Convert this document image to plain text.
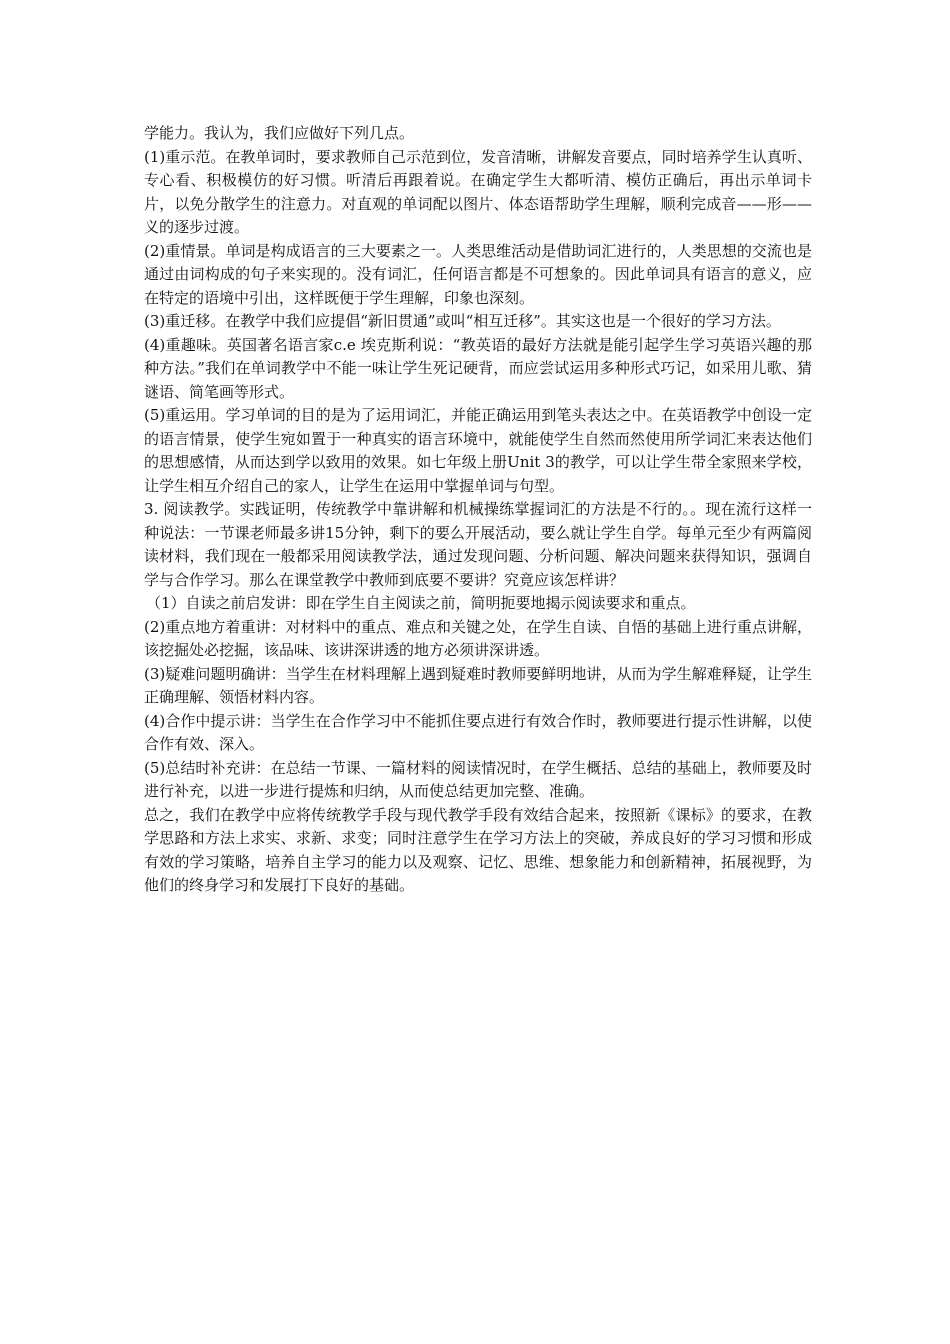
学能力。我认为，我们应做好下列几点。

(1)重示范。在教单词时，要求教师自己示范到位，发音清晰，讲解发音要点，同时培养学生认真听、专心看、积极模仿的好习惯。听清后再跟着说。在确定学生大都听清、模仿正确后，再出示单词卡片，以免分散学生的注意力。对直观的单词配以图片、体态语帮助学生理解，顺利完成音——形——义的逐步过渡。

(2)重情景。单词是构成语言的三大要素之一。人类思维活动是借助词汇进行的，人类思想的交流也是通过由词构成的句子来实现的。没有词汇，任何语言都是不可想象的。因此单词具有语言的意义，应在特定的语境中引出，这样既便于学生理解，印象也深刻。

(3)重迁移。在教学中我们应提倡“新旧贯通”或叫“相互迁移”。其实这也是一个很好的学习方法。

(4)重趣味。英国著名语言家c.e 埃克斯利说：“教英语的最好方法就是能引起学生学习英语兴趣的那种方法。”我们在单词教学中不能一味让学生死记硬背，而应尝试运用多种形式巧记，如采用儿歌、猜谜语、简笔画等形式。

(5)重运用。学习单词的目的是为了运用词汇，并能正确运用到笔头表达之中。在英语教学中创设一定的语言情景，使学生宛如置于一种真实的语言环境中，就能使学生自然而然使用所学词汇来表达他们的思想感情，从而达到学以致用的效果。如七年级上册Unit 3的教学，可以让学生带全家照来学校，让学生相互介绍自己的家人，让学生在运用中掌握单词与句型。

3. 阅读教学。实践证明，传统教学中靠讲解和机械操练掌握词汇的方法是不行的。。现在流行这样一种说法：一节课老师最多讲15分钟，剩下的要么开展活动，要么就让学生自学。每单元至少有两篇阅读材料，我们现在一般都采用阅读教学法，通过发现问题、分析问题、解决问题来获得知识，强调自学与合作学习。那么在课堂教学中教师到底要不要讲？究竟应该怎样讲？

（1）自读之前启发讲：即在学生自主阅读之前，简明扼要地揭示阅读要求和重点。

(2)重点地方着重讲：对材料中的重点、难点和关键之处，在学生自读、自悟的基础上进行重点讲解，该挖掘处必挖掘，该品味、该讲深讲透的地方必须讲深讲透。

(3)疑难问题明确讲：当学生在材料理解上遇到疑难时教师要鲜明地讲，从而为学生解难释疑，让学生正确理解、领悟材料内容。

(4)合作中提示讲：当学生在合作学习中不能抓住要点进行有效合作时，教师要进行提示性讲解，以使合作有效、深入。

(5)总结时补充讲：在总结一节课、一篇材料的阅读情况时，在学生概括、总结的基础上，教师要及时进行补充，以进一步进行提炼和归纳，从而使总结更加完整、准确。

总之，我们在教学中应将传统教学手段与现代教学手段有效结合起来，按照新《课标》的要求，在教学思路和方法上求实、求新、求变；同时注意学生在学习方法上的突破，养成良好的学习习惯和形成有效的学习策略，培养自主学习的能力以及观察、记忆、思维、想象能力和创新精神，拓展视野，为他们的终身学习和发展打下良好的基础。
